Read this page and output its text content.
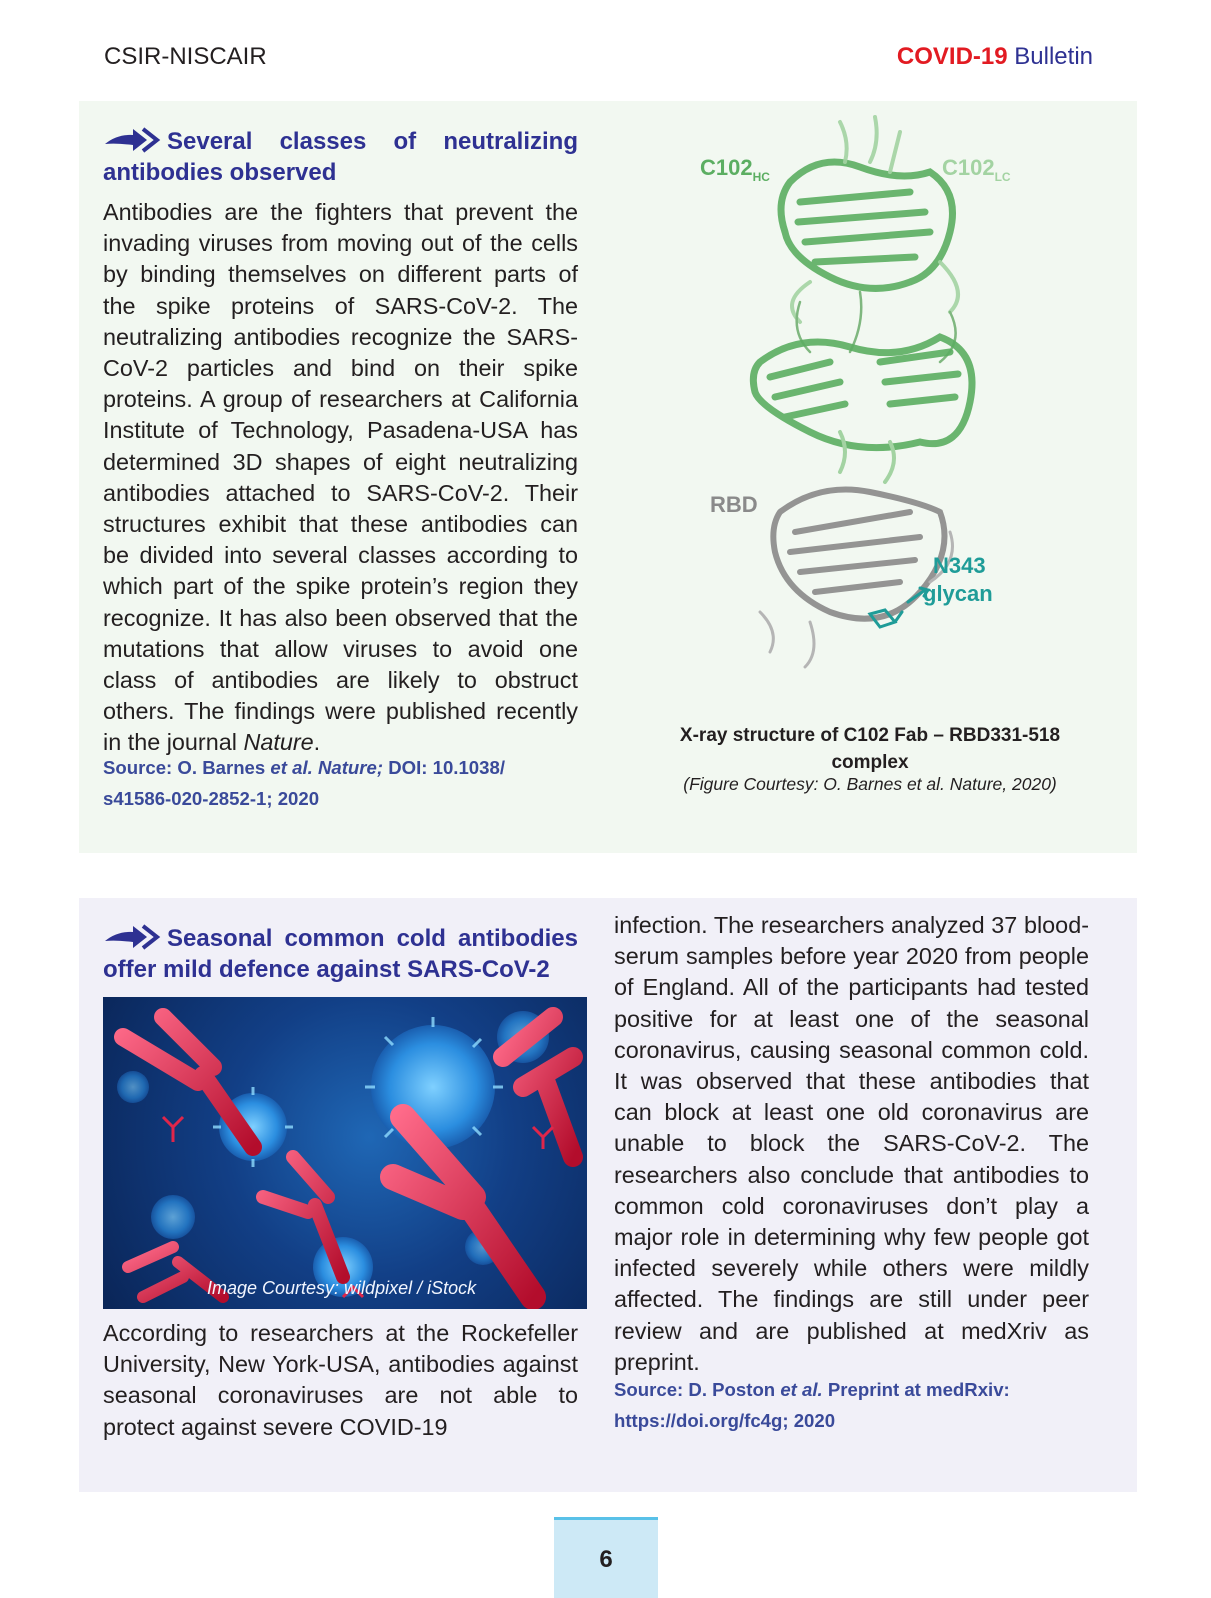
CSIR-NISCAIR	COVID-19 Bulletin
Several classes of neutralizing antibodies observed
Antibodies are the fighters that prevent the invading viruses from moving out of the cells by binding themselves on different parts of the spike proteins of SARS-CoV-2. The neutralizing antibodies recognize the SARS-CoV-2 particles and bind on their spike proteins. A group of researchers at California Institute of Technology, Pasadena-USA has determined 3D shapes of eight neutralizing antibodies attached to SARS-CoV-2. Their structures exhibit that these antibodies can be divided into several classes according to which part of the spike protein’s region they recognize. It has also been observed that the mutations that allow viruses to avoid one class of antibodies are likely to obstruct others. The findings were published recently in the journal Nature.
Source: O. Barnes et al. Nature; DOI: 10.1038/ s41586-020-2852-1; 2020
$C102_{HC}$	$C102_{LC}$
RBD
N343
glycan
X-ray structure of C102 Fab – RBD331-518 complex
(Figure Courtesy: O. Barnes et al. Nature, 2020)
Seasonal common cold antibodies offer mild defence against SARS-CoV-2
Image Courtesy: wildpixel / iStock
According to researchers at the Rockefeller University, New York-USA, antibodies against seasonal coronaviruses are not able to protect against severe COVID-19
infection. The researchers analyzed 37 blood-serum samples before year 2020 from people of England. All of the participants had tested positive for at least one of the seasonal coronavirus, causing seasonal common cold. It was observed that these antibodies that can block at least one old coronavirus are unable to block the SARS-CoV-2. The researchers also conclude that antibodies to common cold coronaviruses don’t play a major role in determining why few people got infected severely while others were mildly affected. The findings are still under peer review and are published at medXriv as preprint.
Source: D. Poston et al. Preprint at medRxiv: https://doi.org/fc4g; 2020
6
